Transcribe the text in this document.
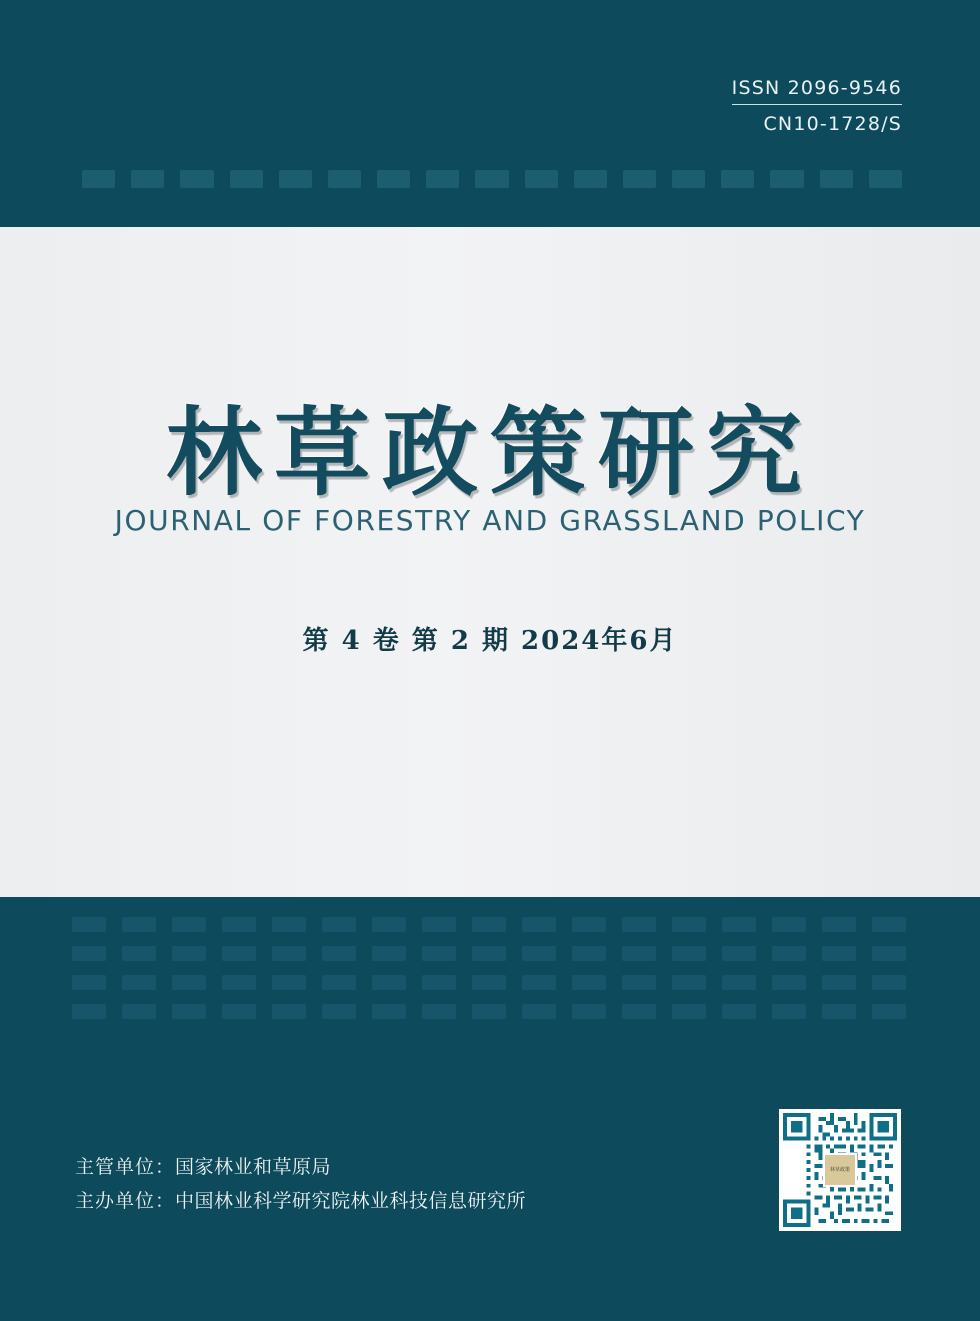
ISSN 2096-9546
CN10-1728/S
林草政策研究
JOURNAL OF FORESTRY AND GRASSLAND POLICY
第 4 卷 第 2 期 2024年6月
主管单位：国家林业和草原局
主办单位：中国林业科学研究院林业科技信息研究所
林草政策
